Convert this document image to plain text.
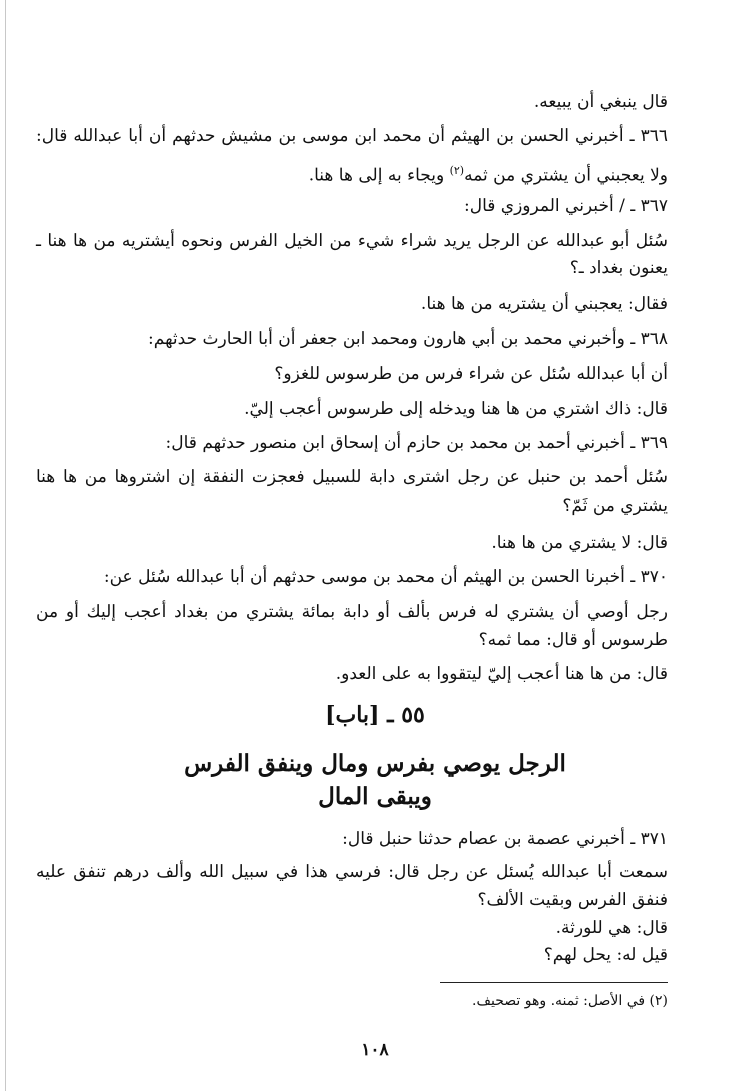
قال ينبغي أن يبيعه.
٣٦٦ ـ أخبرني الحسن بن الهيثم أن محمد ابن موسى بن مشيش حدثهم أن أبا عبدالله قال:
ولا يعجبني أن يشتري من ثمه$^{(٢)}$ ويجاء به إلى ها هنا.
٣٦٧ ـ / أخبرني المروزي قال:
سُئل أبو عبدالله عن الرجل يريد شراء شيء من الخيل الفرس ونحوه أيشتريه من ها هنا ـ
يعنون بغداد ـ؟
فقال: يعجبني أن يشتريه من ها هنا.
٣٦٨ ـ وأخبرني محمد بن أبي هارون ومحمد ابن جعفر أن أبا الحارث حدثهم:
أن أبا عبدالله سُئل عن شراء فرس من طرسوس للغزو؟
قال: ذاك اشتري من ها هنا ويدخله إلى طرسوس أعجب إليّ.
٣٦٩ ـ أخبرني أحمد بن محمد بن حازم أن إسحاق ابن منصور حدثهم قال:
سُئل أحمد بن حنبل عن رجل اشترى دابة للسبيل فعجزت النفقة إن اشتروها من ها هنا
يشتري من ثَمّ؟
قال: لا يشتري من ها هنا.
٣٧٠ ـ أخبرنا الحسن بن الهيثم أن محمد بن موسى حدثهم أن أبا عبدالله سُئل عن:
رجل أوصي أن يشتري له فرس بألف أو دابة بمائة يشتري من بغداد أعجب إليك أو من
طرسوس أو قال: مما ثمه؟
قال: من ها هنا أعجب إليّ ليتقووا به على العدو.
٥٥ ـ [باب]
الرجل يوصي بفرس ومال وينفق الفرس
ويبقى المال
٣٧١ ـ أخبرني عصمة بن عصام حدثنا حنبل قال:
سمعت أبا عبدالله يُسئل عن رجل قال: فرسي هذا في سبيل الله وألف درهم تنفق عليه
فنفق الفرس وبقيت الألف؟
قال: هي للورثة.
قيل له: يحل لهم؟
(٢) في الأصل: ثمنه. وهو تصحيف.
١٠٨
